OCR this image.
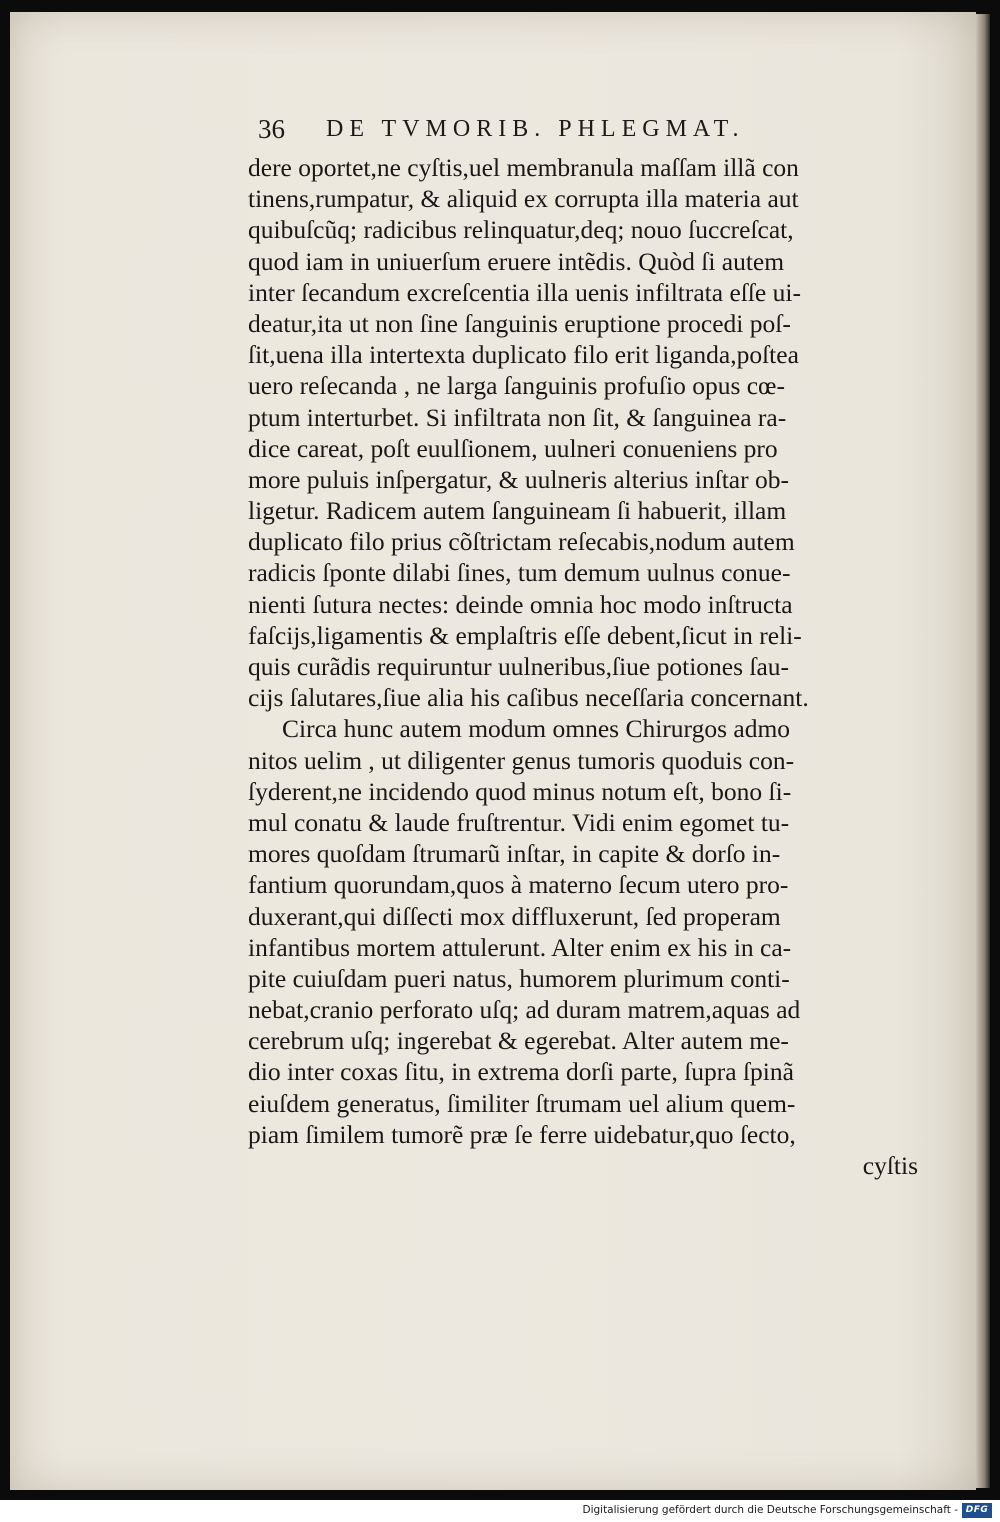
36 DE TVMORIB. PHLEGMAT.
dere oportet,ne cyſtis,uel membranula maſſam illã con
tinens,rumpatur, & aliquid ex corrupta illa materia aut
quibuſcũq; radicibus relinquatur,deq; nouo ſuccreſcat,
quod iam in uniuerſum eruere intẽdis. Quòd ſi autem
inter ſecandum excreſcentia illa uenis infiltrata eſſe ui-
deatur,ita ut non ſine ſanguinis eruptione procedi poſ-
ſit,uena illa intertexta duplicato filo erit liganda,poſtea
uero reſecanda , ne larga ſanguinis profuſio opus cœ-
ptum interturbet. Si infiltrata non ſit, & ſanguinea ra-
dice careat, poſt euulſionem, uulneri conueniens pro
more puluis inſpergatur, & uulneris alterius inſtar ob-
ligetur. Radicem autem ſanguineam ſi habuerit, illam
duplicato filo prius cõſtrictam reſecabis,nodum autem
radicis ſponte dilabi ſines, tum demum uulnus conue-
nienti ſutura nectes: deinde omnia hoc modo inſtructa
faſcijs,ligamentis & emplaſtris eſſe debent,ſicut in reli-
quis curãdis requiruntur uulneribus,ſiue potiones ſau-
cijs ſalutares,ſiue alia his caſibus neceſſaria concernant.
Circa hunc autem modum omnes Chirurgos admo
nitos uelim , ut diligenter genus tumoris quoduis con-
ſyderent,ne incidendo quod minus notum eſt, bono ſi-
mul conatu & laude fruſtrentur. Vidi enim egomet tu-
mores quoſdam ſtrumarũ inſtar, in capite & dorſo in-
fantium quorundam,quos à materno ſecum utero pro-
duxerant,qui diſſecti mox diffluxerunt, ſed properam
infantibus mortem attulerunt. Alter enim ex his in ca-
pite cuiuſdam pueri natus, humorem plurimum conti-
nebat,cranio perforato uſq; ad duram matrem,aquas ad
cerebrum uſq; ingerebat & egerebat. Alter autem me-
dio inter coxas ſitu, in extrema dorſi parte, ſupra ſpinã
eiuſdem generatus, ſimiliter ſtrumam uel alium quem-
piam ſimilem tumorẽ præ ſe ferre uidebatur,quo ſecto,
cyſtis
Digitalisierung gefördert durch die Deutsche Forschungsgemeinschaft - DFG
